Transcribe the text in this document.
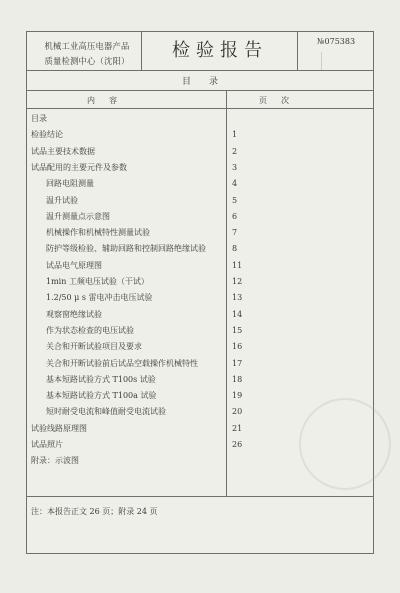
机械工业高压电器产品
质量检测中心（沈阳）	检验报告	№075383
目录
内容	页次
目录
检验结论	1
试品主要技术数据	2
试品配用的主要元件及参数	3
回路电阻测量	4
温升试验	5
温升测量点示意图	6
机械操作和机械特性测量试验	7
防护等级检验、辅助回路和控制回路绝缘试验	8
试品电气原理图	11
1min 工频电压试验（干试）	12
1.2/50 μ s 雷电冲击电压试验	13
观察窗绝缘试验	14
作为状态检查的电压试验	15
关合和开断试验项目及要求	16
关合和开断试验前后试品空载操作机械特性	17
基本短路试验方式 T100s 试验	18
基本短路试验方式 T100a 试验	19
短时耐受电流和峰值耐受电流试验	20
试验线路原理图	21
试品照片	26
附录：示波图
注：本报告正文 26 页；附录 24 页
